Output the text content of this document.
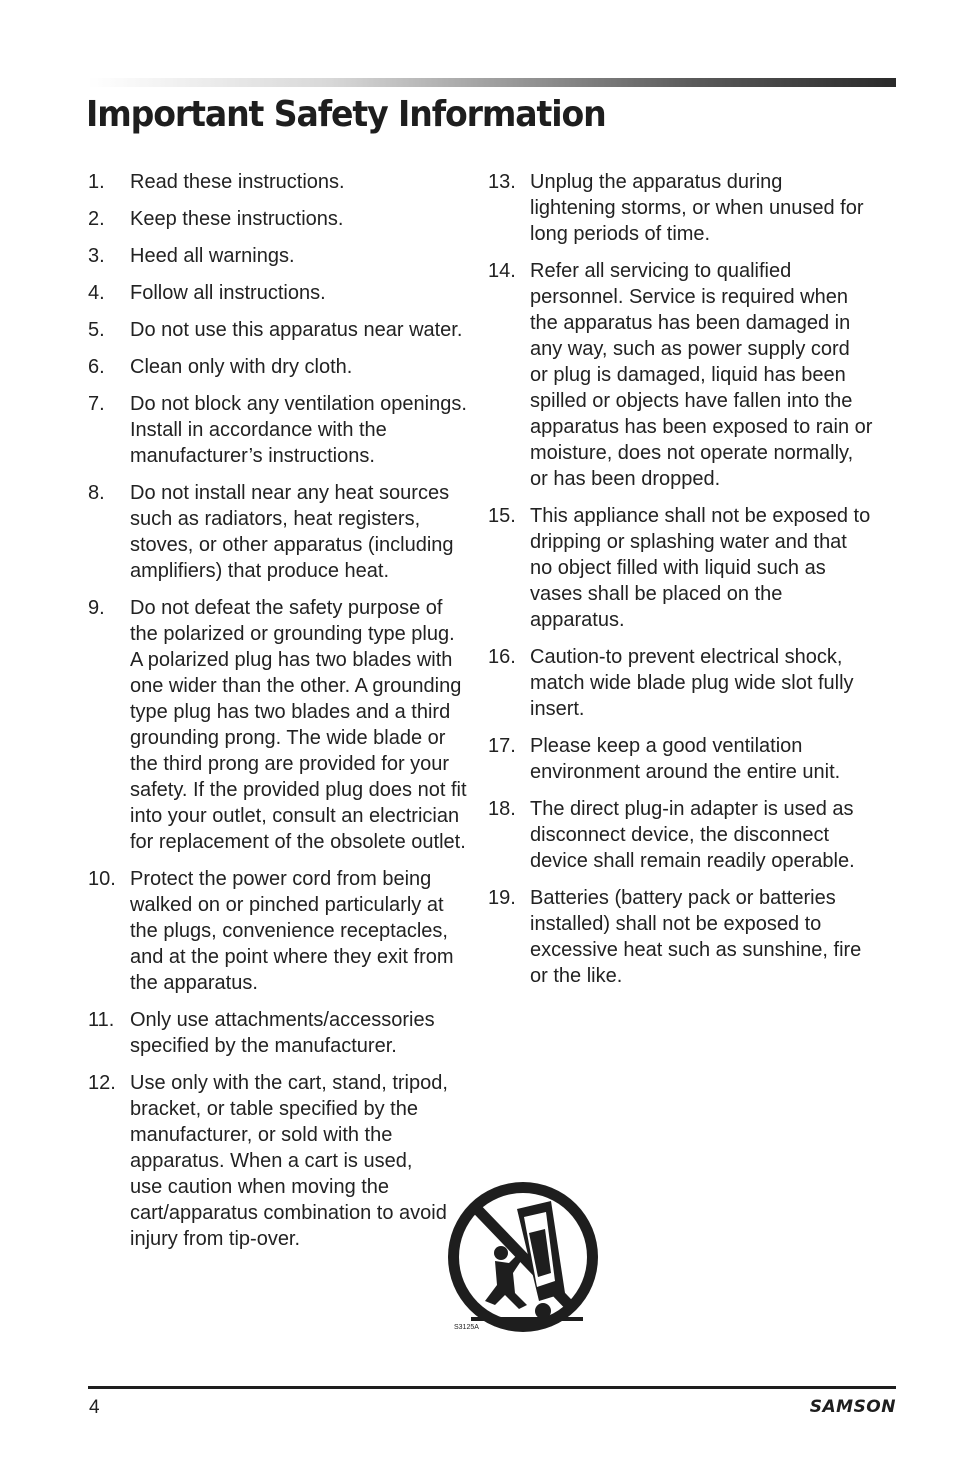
Important Safety Information
1.	Read these instructions.
2.	Keep these instructions.
3.	Heed all warnings.
4.	Follow all instructions.
5.	Do not use this apparatus near water.
6.	Clean only with dry cloth.
7.	Do not block any ventilation openings. Install in accordance with the manufacturer’s instructions.
8.	Do not install near any heat sources such as radiators, heat registers, stoves, or other apparatus (including amplifiers) that produce heat.
9.	Do not defeat the safety purpose of the polarized or grounding type plug. A polarized plug has two blades with one wider than the other. A grounding type plug has two blades and a third grounding prong. The wide blade or the third prong are provided for your safety. If the provided plug does not fit into your outlet, consult an electrician for replacement of the obsolete outlet.
10. Protect the power cord from being walked on or pinched particularly at the plugs, convenience receptacles, and at the point where they exit from the apparatus.
11. Only use attachments/accessories specified by the manufacturer.
12. Use only with the cart, stand, tripod, bracket, or table specified by the manufacturer, or sold with the apparatus. When a cart is used, use caution when moving the cart/apparatus combination to avoid injury from tip-over.
13. Unplug the apparatus during lightening storms, or when unused for long periods of time.
14. Refer all servicing to qualified personnel. Service is required when the apparatus has been damaged in any way, such as power supply cord or plug is damaged, liquid has been spilled or objects have fallen into the apparatus has been exposed to rain or moisture, does not operate normally, or has been dropped.
15. This appliance shall not be exposed to dripping or splashing water and that no object filled with liquid such as vases shall be placed on the apparatus.
16. Caution-to prevent electrical shock, match wide blade plug wide slot fully insert.
17. Please keep a good ventilation environment around the entire unit.
18. The direct plug-in adapter is used as disconnect device, the disconnect device shall remain readily operable.
19. Batteries (battery pack or batteries installed) shall not be exposed to excessive heat such as sunshine, fire or the like.
S3125A
4	SAMSON
